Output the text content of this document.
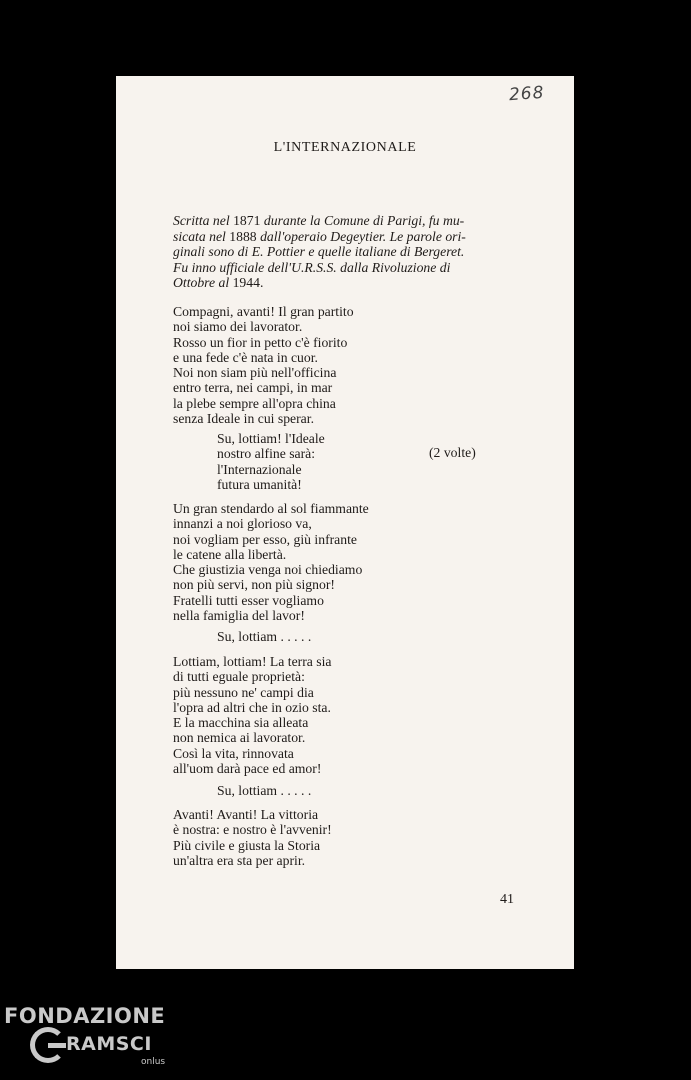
268
L'INTERNAZIONALE
Scritta nel 1871 durante la Comune di Parigi, fu mu-
sicata nel 1888 dall'operaio Degeytier. Le parole ori-
ginali sono di E. Pottier e quelle italiane di Bergeret.
Fu inno ufficiale dell'U.R.S.S. dalla Rivoluzione di
Ottobre al 1944.
Compagni, avanti! Il gran partito
noi siamo dei lavorator.
Rosso un fior in petto c'è fiorito
e una fede c'è nata in cuor.
Noi non siam più nell'officina
entro terra, nei campi, in mar
la plebe sempre all'opra china
senza Ideale in cui sperar.
Su, lottiam! l'Ideale
nostro alfine sarà:
l'Internazionale
futura umanità!
(2 volte)
Un gran stendardo al sol fiammante
innanzi a noi glorioso va,
noi vogliam per esso, giù infrante
le catene alla libertà.
Che giustizia venga noi chiediamo
non più servi, non più signor!
Fratelli tutti esser vogliamo
nella famiglia del lavor!
Su, lottiam . . . . .
Lottiam, lottiam! La terra sia
di tutti eguale proprietà:
più nessuno ne' campi dia
l'opra ad altri che in ozio sta.
E la macchina sia alleata
non nemica ai lavorator.
Così la vita, rinnovata
all'uom darà pace ed amor!
Su, lottiam . . . . .
Avanti! Avanti! La vittoria
è nostra: e nostro è l'avvenir!
Più civile e giusta la Storia
un'altra era sta per aprir.
41
FONDAZIONE
RAMSCI
onlus
